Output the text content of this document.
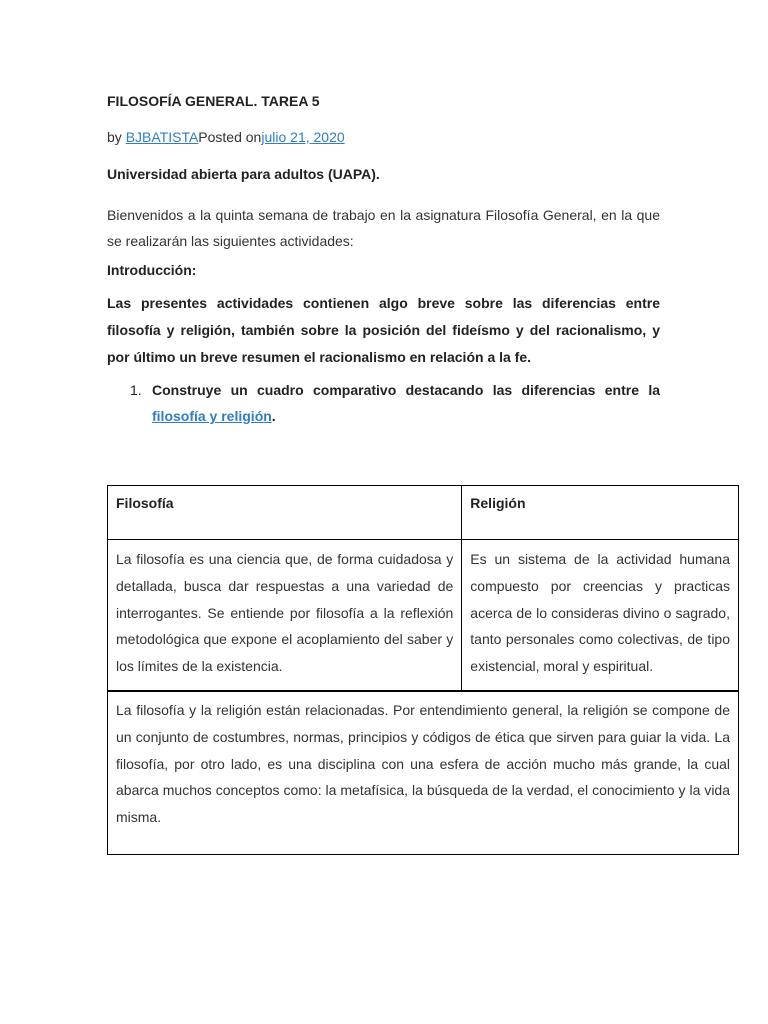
FILOSOFÍA GENERAL. TAREA 5
by BJBATISTAPosted onjulio 21, 2020
Universidad abierta para adultos (UAPA).
Bienvenidos a la quinta semana de trabajo en la asignatura Filosofía General, en la que se realizarán las siguientes actividades:
Introducción:
Las presentes actividades contienen algo breve sobre las diferencias entre filosofía y religión, también sobre la posición del fideísmo y del racionalismo, y por último un breve resumen el racionalismo en relación a la fe.
1. Construye un cuadro comparativo destacando las diferencias entre la filosofía y religión.
Filosofía	Religión
La filosofía es una ciencia que, de forma cuidadosa y detallada, busca dar respuestas a una variedad de interrogantes. Se entiende por filosofía a la reflexión metodológica que expone el acoplamiento del saber y los límites de la existencia.	Es un sistema de la actividad humana compuesto por creencias y practicas acerca de lo consideras divino o sagrado, tanto personales como colectivas, de tipo existencial, moral y espiritual.
La filosofía y la religión están relacionadas. Por entendimiento general, la religión se compone de un conjunto de costumbres, normas, principios y códigos de ética que sirven para guiar la vida. La filosofía, por otro lado, es una disciplina con una esfera de acción mucho más grande, la cual abarca muchos conceptos como: la metafísica, la búsqueda de la verdad, el conocimiento y la vida misma.	
